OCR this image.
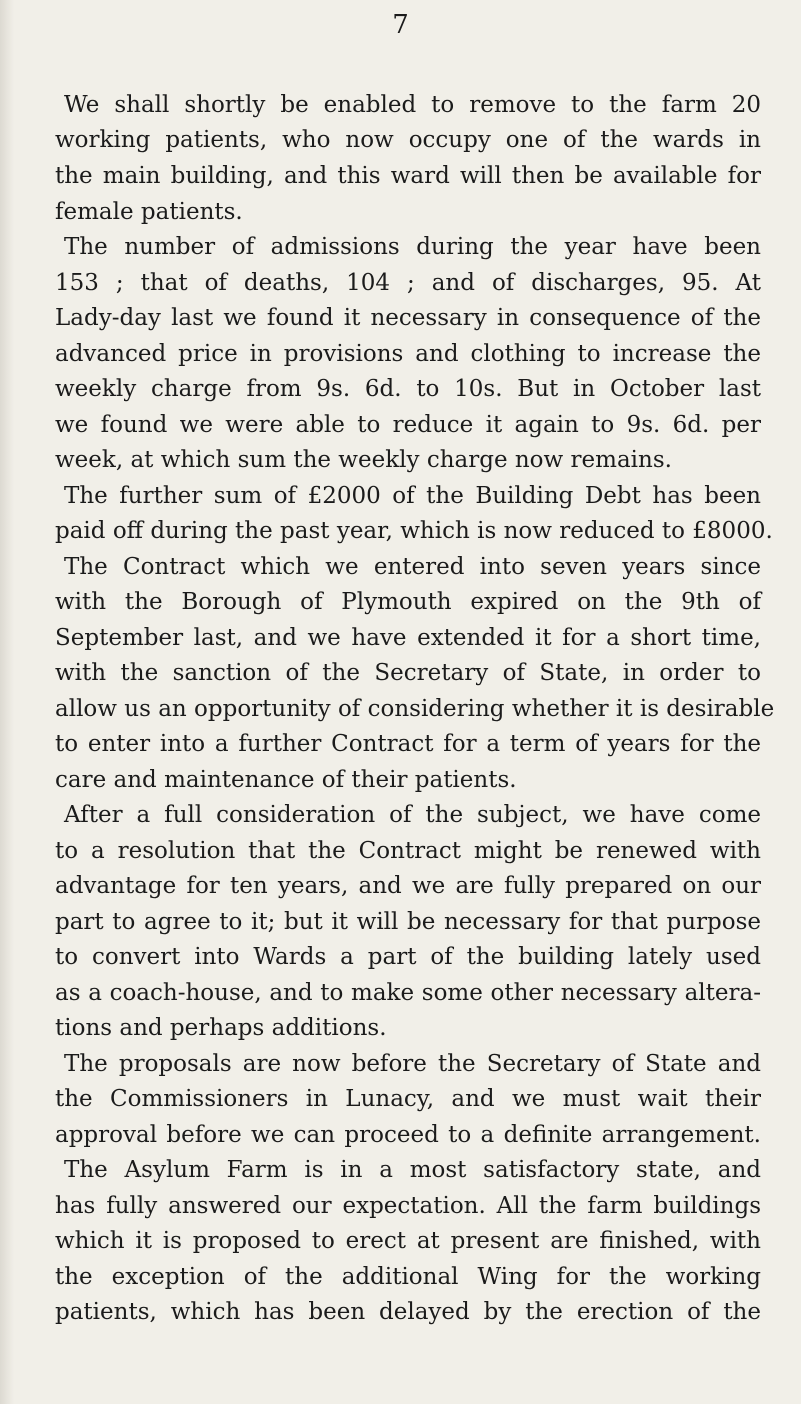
7
We shall shortly be enabled to remove to the farm 20
working patients, who now occupy one of the wards in
the main building, and this ward will then be available for
female patients.
The number of admissions during the year have been
153 ; that of deaths, 104 ; and of discharges, 95. At
Lady-day last we found it necessary in consequence of the
advanced price in provisions and clothing to increase the
weekly charge from 9s. 6d. to 10s. But in October last
we found we were able to reduce it again to 9s. 6d. per
week, at which sum the weekly charge now remains.
The further sum of £2000 of the Building Debt has been
paid off during the past year, which is now reduced to £8000.
The Contract which we entered into seven years since
with the Borough of Plymouth expired on the 9th of
September last, and we have extended it for a short time,
with the sanction of the Secretary of State, in order to
allow us an opportunity of considering whether it is desirable
to enter into a further Contract for a term of years for the
care and maintenance of their patients.
After a full consideration of the subject, we have come
to a resolution that the Contract might be renewed with
advantage for ten years, and we are fully prepared on our
part to agree to it; but it will be necessary for that purpose
to convert into Wards a part of the building lately used
as a coach-house, and to make some other necessary altera-
tions and perhaps additions.
The proposals are now before the Secretary of State and
the Commissioners in Lunacy, and we must wait their
approval before we can proceed to a definite arrangement.
The Asylum Farm is in a most satisfactory state, and
has fully answered our expectation. All the farm buildings
which it is proposed to erect at present are finished, with
the exception of the additional Wing for the working
patients, which has been delayed by the erection of the
